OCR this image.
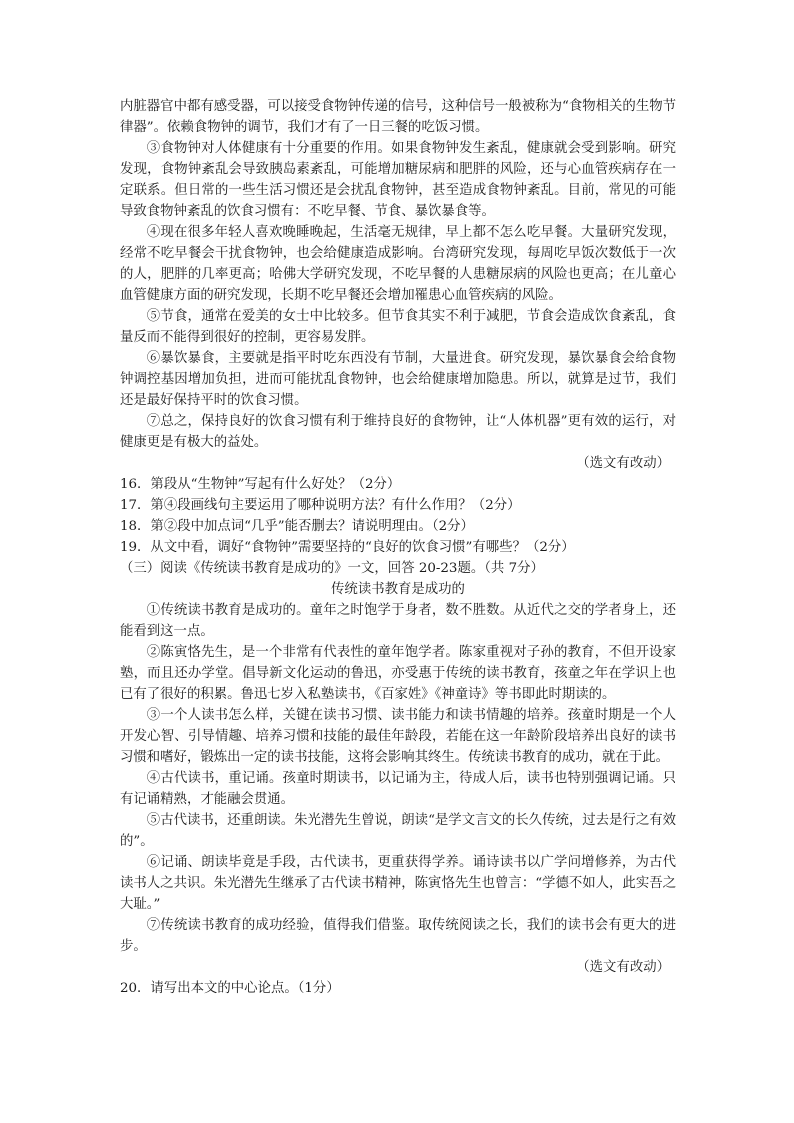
内脏器官中都有感受器，可以接受食物钟传递的信号，这种信号一般被称为“食物相关的生物节律器”。依赖食物钟的调节，我们才有了一日三餐的吃饭习惯。

③食物钟对人体健康有十分重要的作用。如果食物钟发生紊乱，健康就会受到影响。研究发现，食物钟紊乱会导致胰岛素紊乱，可能增加糖尿病和肥胖的风险，还与心血管疾病存在一定联系。但日常的一些生活习惯还是会扰乱食物钟，甚至造成食物钟紊乱。目前，常见的可能导致食物钟紊乱的饮食习惯有：不吃早餐、节食、暴饮暴食等。

④现在很多年轻人喜欢晚睡晚起，生活毫无规律，早上都不怎么吃早餐。大量研究发现，经常不吃早餐会干扰食物钟，也会给健康造成影响。台湾研究发现，每周吃早饭次数低于一次的人，肥胖的几率更高；哈佛大学研究发现，不吃早餐的人患糖尿病的风险也更高；在儿童心血管健康方面的研究发现，长期不吃早餐还会增加罹患心血管疾病的风险。

⑤节食，通常在爱美的女士中比较多。但节食其实不利于减肥，节食会造成饮食紊乱，食量反而不能得到很好的控制，更容易发胖。

⑥暴饮暴食，主要就是指平时吃东西没有节制，大量进食。研究发现，暴饮暴食会给食物钟调控基因增加负担，进而可能扰乱食物钟，也会给健康增加隐患。所以，就算是过节，我们还是最好保持平时的饮食习惯。

⑦总之，保持良好的饮食习惯有利于维持良好的食物钟，让“人体机器”更有效的运行，对健康更是有极大的益处。

（选文有改动）

16．第段从“生物钟”写起有什么好处？（2分）

17．第④段画线句主要运用了哪种说明方法？有什么作用？（2分）

18．第②段中加点词“几乎”能否删去？请说明理由。（2分）

19．从文中看，调好“食物钟”需要坚持的“良好的饮食习惯”有哪些？（2分）

（三）阅读《传统读书教育是成功的》一文，回答 20-23题。（共 7分）

传统读书教育是成功的

①传统读书教育是成功的。童年之时饱学于身者，数不胜数。从近代之交的学者身上，还能看到这一点。

②陈寅恪先生，是一个非常有代表性的童年饱学者。陈家重视对子孙的教育，不但开设家塾，而且还办学堂。倡导新文化运动的鲁迅，亦受惠于传统的读书教育，孩童之年在学识上也已有了很好的积累。鲁迅七岁入私塾读书，《百家姓》《神童诗》等书即此时期读的。

③一个人读书怎么样，关键在读书习惯、读书能力和读书情趣的培养。孩童时期是一个人开发心智、引导情趣、培养习惯和技能的最佳年龄段，若能在这一年龄阶段培养出良好的读书习惯和嗜好，锻炼出一定的读书技能，这将会影响其终生。传统读书教育的成功，就在于此。

④古代读书，重记诵。孩童时期读书，以记诵为主，待成人后，读书也特别强调记诵。只有记诵精熟，才能融会贯通。

⑤古代读书，还重朗读。朱光潜先生曾说，朗读“是学文言文的长久传统，过去是行之有效的”。

⑥记诵、朗读毕竟是手段，古代读书，更重获得学养。诵诗读书以广学问增修养，为古代读书人之共识。朱光潜先生继承了古代读书精神，陈寅恪先生也曾言：“学德不如人，此实吾之大耻。”

⑦传统读书教育的成功经验，值得我们借鉴。取传统阅读之长，我们的读书会有更大的进步。

（选文有改动）

20．请写出本文的中心论点。（1分）
